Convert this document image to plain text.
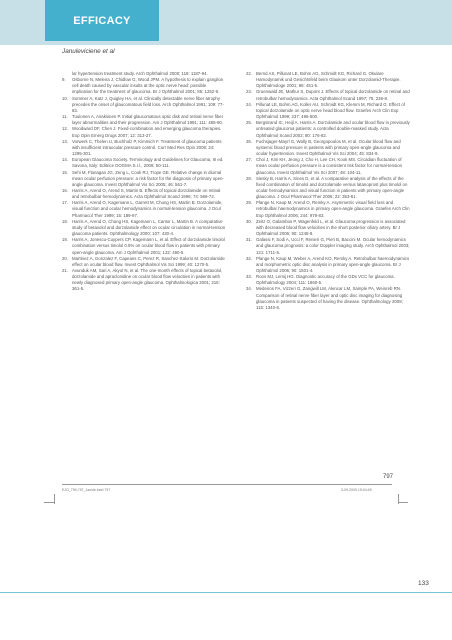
EFFICACY
Januleviciene et al

lar hypertension treatment study. Arch Ophthalmol 2000; 118: 1187-94.

9. Osborne N, Melena J, Chidlow G, Wood JPM. A hypothesis to explain ganglion cell death caused by vascular insults at the optic nerve head: possible implication for the treatment of glaucoma. Br J Ophthalmol 2001; 85: 1252-9.

10. Sommer A, Katz J, Quigley HA, et al. Clinically detectable nerve fiber atrophy precedes the onset of glaucomatous field loss. Arch Ophthalmol 1991; 109: 77-83.

11. Tuulonen A, Airaksinen P. Initial glaucomatous optic disk and retinal nerve fiber layer abnormalities and their progression. Am J Ophthalmol 1991; 111: 485-90.

12. Woodward DF, Chen J. Fixed-combination and emerging glaucoma therapies. Exp Opin Emerg Drugs 2007; 12: 313-27.

13. Vorwerk C, Thelen U, Buchholz P, Kimmich F. Treatment of glaucoma patients with insufficient intraocular pressure control. Curr Med Res Opin 2008; 24: 1295-301.

14. European Glaucoma Society. Terminology and Guidelines for Glaucoma, III ed. Savona, Italy: Editrice DOGMA S.r.l., 2008; 50-111.

15. Sehi M, Flanagan JG, Zeng L, Cook RJ, Trope GE. Relative change in diurnal mean ocular perfusion pressure: a risk factor for the diagnosis of primary open-angle glaucoma. Invest Ophthalmol Vis Sci 2005; 46: 561-7.

16. Harris A, Arend O, Arend S, Martin B. Effects of topical dorzolamide on retinal and retrobulbar hemodynamics. Acta Ophthalmol Scand 1996; 74: 569-72.

17. Harris A, Arend O, Kagemann L, Garrett M, Chung HS, Martin B. Dorzolamide, visual function and ocular hemodynamics in normal-tension glaucoma. J Ocul Pharmacol Ther 1999; 15: 189-97.

18. Harris A, Arend O, Chung HS, Kagemann L, Cantor L, Martin B. A comparative study of betaxolol and dorzolamide effect on ocular circulation in normal-tension glaucoma patients. Ophthalmology 2000; 107: 430-4.

19. Harris A, Jonescu-Cuypers CP, Kagemann L, et al. Effect of dorzolamide timolol combination versus timolol 0.5% on ocular blood flow in patients with primary open-angle glaucoma. Am J Ophthalmol 2001; 132: 490-5.

20. Martinez A, Gonzalez F, Capeans C, Perez R, Sanchez-Salorio M. Dorzolamide effect on ocular blood flow. Invest Ophthalmol Vis Sci 1999; 40: 1270-5.

21. Avunduk AM, Sari A, Akyol N, et al. The one-month effects of topical betaxolol, dorzolamide and apraclonidine on ocular blood flow velocities in patients with newly diagnosed primary open-angle glaucoma. Ophthalmologica 2001; 215: 361-5.

22. Bernd AS, Pillunat LE, Bohm AG, Schmidt KG, Richard G. Okulare Hamodynamik und Gesichtsfeld beim Glaukom unter Dorzolamid-Therapie. Ophthalmologe 2001; 98: 451-5.

23. Gruenwald JE, Mathur S, Dupont J. Effects of topical dorzolamide on retinal and retrobulbar hemodynamics. Acta Ophthalmol Scand 1997; 75: 236-8.

24. Pillunat LE, Bohm AG, Koller AU, Schmidt KG, Klemm M, Richard G. Effect of topical dorzolamide on optic nerve head blood flow. Graefes Arch Clin Exp Ophthalmol 1999; 237: 495-500.

25. Bergstrand IC, Heijl A, Harris A. Dorzolamide and ocular blood flow in previously untreated glaucoma patients: a controlled double-masked study. Acta Ophthalmol Scand 2002; 80: 176-82.

26. Fuchsjager-Mayrl G, Wally B, Georgopoulos M, et al. Ocular blood flow and systemic blood pressure in patients with primary open-angle glaucoma and ocular hypertension. Invest Ophthalmol Vis Sci 2004; 45: 834-9.

27. Choi J, Kim KH, Jeong J, Cho H, Lee CH, Kook MS. Circadian fluctuation of mean ocular perfusion pressure is a consistent risk factor for normal-tension glaucoma. Invest Ophthalmol Vis Sci 2007; 48: 104-11.

28. Siesky B, Harris A, Sines D, et al. A comparative analysis of the effects of the fixed combination of timolol and dorzolamide versus latanoprost plus timolol on ocular hemodynamics and visual function in patients with primary open-angle glaucoma. J Ocul Pharmacol Ther 2006; 22: 353-61.

29. Plange N, Kaup M, Arend O, Remky A. Asymmetric visual field loss and retrobulbar haemodynamics in primary open-angle glaucoma. Graefes Arch Clin Exp Ophthalmol 2006; 244: 978-83.

30. Zeitz O, Galambos P, Wagenfeld L, et al. Glaucoma progression is associated with decreased blood flow velocities in the short posterior ciliary artery. Br J Ophthalmol 2006; 90: 1245-8.

31. Galassi F, Sodi A, Ucci F, Renieri G, Pieri B, Baccini M. Ocular hemodynamics and glaucoma prognosis: a color Doppler imaging study. Arch Ophthalmol 2003; 121: 1711-5.

32. Plange N, Kaup M, Weber A, Arend KO, Remky A. Retrobulbar haemodynamics and morphometric optic disc analysis in primary open-angle glaucoma. Br J Ophthalmol 2006; 90: 1501-4.

33. Roos MJ, Lemij HG. Diagnostic accuracy of the GDx VCC for glaucoma. Ophthalmology 2004; 111: 1860-5.

34. Medeiros FA, Vizzeri G, Zangwill LM, Alencar LM, Sample PA, Weinreb RN. Comparison of retinal nerve fiber layer and optic disc imaging for diagnosing glaucoma in patients suspected of having the disease. Ophthalmology 2008; 115: 1340-6.

797
EJO_799-797_Janule.indd 797	3-09-2009 15:04:45
133
